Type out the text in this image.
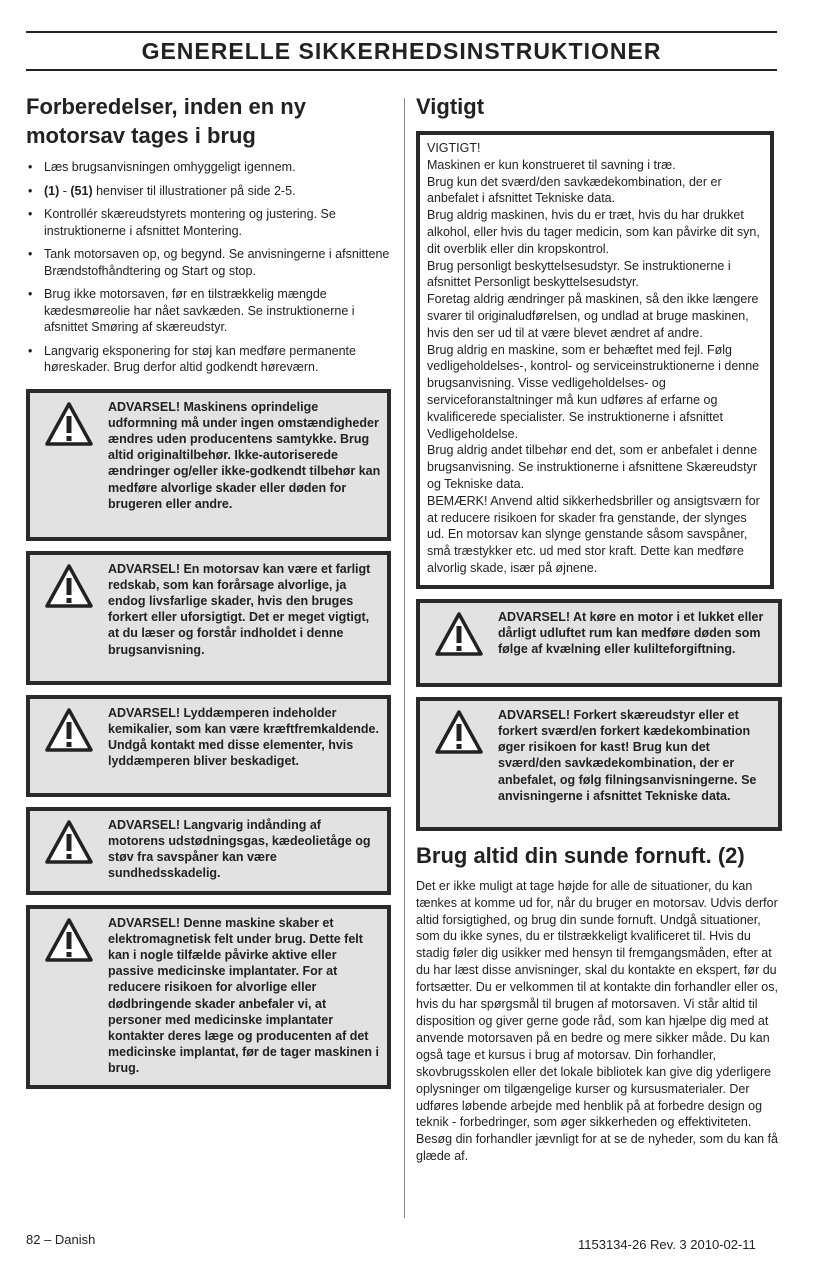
GENERELLE SIKKERHEDSINSTRUKTIONER
Forberedelser, inden en ny motorsav tages i brug
• Læs brugsanvisningen omhyggeligt igennem.
• (1) - (51) henviser til illustrationer på side 2-5.
• Kontrollér skæreudstyrets montering og justering. Se instruktionerne i afsnittet Montering.
• Tank motorsaven op, og begynd. Se anvisningerne i afsnittene Brændstofhåndtering og Start og stop.
• Brug ikke motorsaven, før en tilstrækkelig mængde kædesmøreolie har nået savkæden. Se instruktionerne i afsnittet Smøring af skæreudstyr.
• Langvarig eksponering for støj kan medføre permanente høreskader. Brug derfor altid godkendt høreværn.
ADVARSEL! Maskinens oprindelige udformning må under ingen omstændigheder ændres uden producentens samtykke. Brug altid originaltilbehør. Ikke-autoriserede ændringer og/eller ikke-godkendt tilbehør kan medføre alvorlige skader eller døden for brugeren eller andre.
ADVARSEL! En motorsav kan være et farligt redskab, som kan forårsage alvorlige, ja endog livsfarlige skader, hvis den bruges forkert eller uforsigtigt. Det er meget vigtigt, at du læser og forstår indholdet i denne brugsanvisning.
ADVARSEL! Lyddæmperen indeholder kemikalier, som kan være kræftfremkaldende. Undgå kontakt med disse elementer, hvis lyddæmperen bliver beskadiget.
ADVARSEL! Langvarig indånding af motorens udstødningsgas, kædeolietåge og støv fra savspåner kan være sundhedsskadelig.
ADVARSEL! Denne maskine skaber et elektromagnetisk felt under brug. Dette felt kan i nogle tilfælde påvirke aktive eller passive medicinske implantater. For at reducere risikoen for alvorlige eller dødbringende skader anbefaler vi, at personer med medicinske implantater kontakter deres læge og producenten af det medicinske implantat, før de tager maskinen i brug.
Vigtigt

VIGTIGT!

Maskinen er kun konstrueret til savning i træ.

Brug kun det sværd/den savkædekombination, der er anbefalet i afsnittet Tekniske data.

Brug aldrig maskinen, hvis du er træt, hvis du har drukket alkohol, eller hvis du tager medicin, som kan påvirke dit syn, dit overblik eller din kropskontrol.

Brug personligt beskyttelsesudstyr. Se instruktionerne i afsnittet Personligt beskyttelsesudstyr.

Foretag aldrig ændringer på maskinen, så den ikke længere svarer til originaludførelsen, og undlad at bruge maskinen, hvis den ser ud til at være blevet ændret af andre.

Brug aldrig en maskine, som er behæftet med fejl. Følg vedligeholdelses-, kontrol- og serviceinstruktionerne i denne brugsanvisning. Visse vedligeholdelses- og serviceforanstaltninger må kun udføres af erfarne og kvalificerede specialister. Se instruktionerne i afsnittet Vedligeholdelse.

Brug aldrig andet tilbehør end det, som er anbefalet i denne brugsanvisning. Se instruktionerne i afsnittene Skæreudstyr og Tekniske data.

BEMÆRK! Anvend altid sikkerhedsbriller og ansigtsværn for at reducere risikoen for skader fra genstande, der slynges ud. En motorsav kan slynge genstande såsom savspåner, små træstykker etc. ud med stor kraft. Dette kan medføre alvorlig skade, især på øjnene.

ADVARSEL! At køre en motor i et lukket eller dårligt udluftet rum kan medføre døden som følge af kvælning eller kulilteforgiftning.
ADVARSEL! Forkert skæreudstyr eller et forkert sværd/en forkert kædekombination øger risikoen for kast! Brug kun det sværd/den savkædekombination, der er anbefalet, og følg filningsanvisningerne. Se anvisningerne i afsnittet Tekniske data.
Brug altid din sunde fornuft. (2)

Det er ikke muligt at tage højde for alle de situationer, du kan tænkes at komme ud for, når du bruger en motorsav. Udvis derfor altid forsigtighed, og brug din sunde fornuft. Undgå situationer, som du ikke synes, du er tilstrækkeligt kvalificeret til. Hvis du stadig føler dig usikker med hensyn til fremgangsmåden, efter at du har læst disse anvisninger, skal du kontakte en ekspert, før du fortsætter. Du er velkommen til at kontakte din forhandler eller os, hvis du har spørgsmål til brugen af motorsaven. Vi står altid til disposition og giver gerne gode råd, som kan hjælpe dig med at anvende motorsaven på en bedre og mere sikker måde. Du kan også tage et kursus i brug af motorsav. Din forhandler, skovbrugsskolen eller det lokale bibliotek kan give dig yderligere oplysninger om tilgængelige kurser og kursusmaterialer. Der udføres løbende arbejde med henblik på at forbedre design og teknik - forbedringer, som øger sikkerheden og effektiviteten. Besøg din forhandler jævnligt for at se de nyheder, som du kan få glæde af.

82 – Danish	1153134-26 Rev. 3 2010-02-11
